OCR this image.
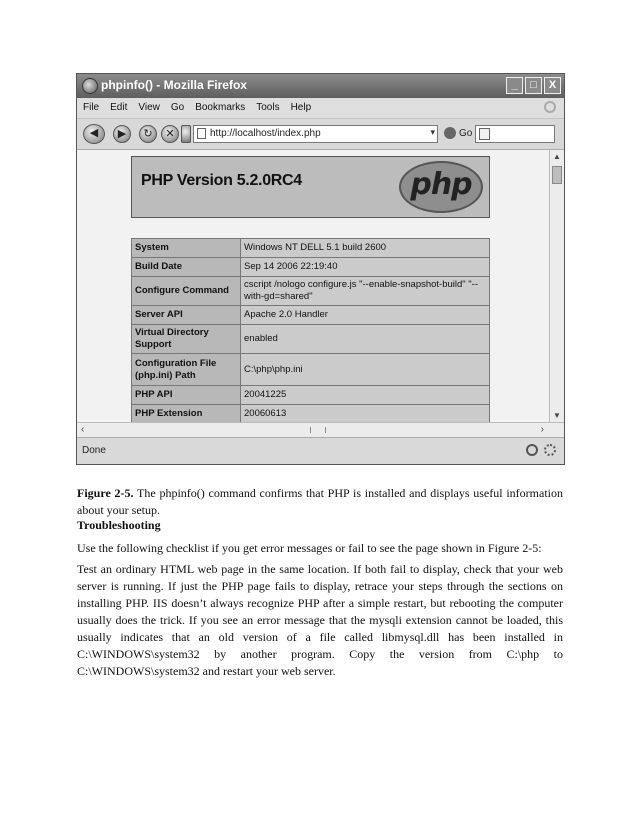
phpinfo() - Mozilla Firefox	_	□	X
File Edit View Go Bookmarks Tools Help
◀	▶	↻	✕	http://localhost/index.php	▾ Go
PHP Version 5.2.0RC4	php
System	Windows NT DELL 5.1 build 2600
Build Date	Sep 14 2006 22:19:40
Configure Command	cscript /nologo configure.js "--enable-snapshot-build" "--with-gd=shared"
Server API	Apache 2.0 Handler
Virtual Directory Support	enabled
Configuration File (php.ini) Path	C:\php\php.ini
PHP API	20041225
PHP Extension	20060613

▲
▼
‹	›
Done
Figure 2-5. The phpinfo() command confirms that PHP is installed and displays useful information about your setup.
Troubleshooting
Use the following checklist if you get error messages or fail to see the page shown in Figure 2-5:
Test an ordinary HTML web page in the same location. If both fail to display, check that your web server is running. If just the PHP page fails to display, retrace your steps through the sections on installing PHP. IIS doesn’t always recognize PHP after a simple restart, but rebooting the computer usually does the trick. If you see an error message that the mysqli extension cannot be loaded, this usually indicates that an old version of a file called libmysql.dll has been installed in C:\WINDOWS\system32 by another program. Copy the version from C:\php to C:\WINDOWS\system32 and restart your web server.
